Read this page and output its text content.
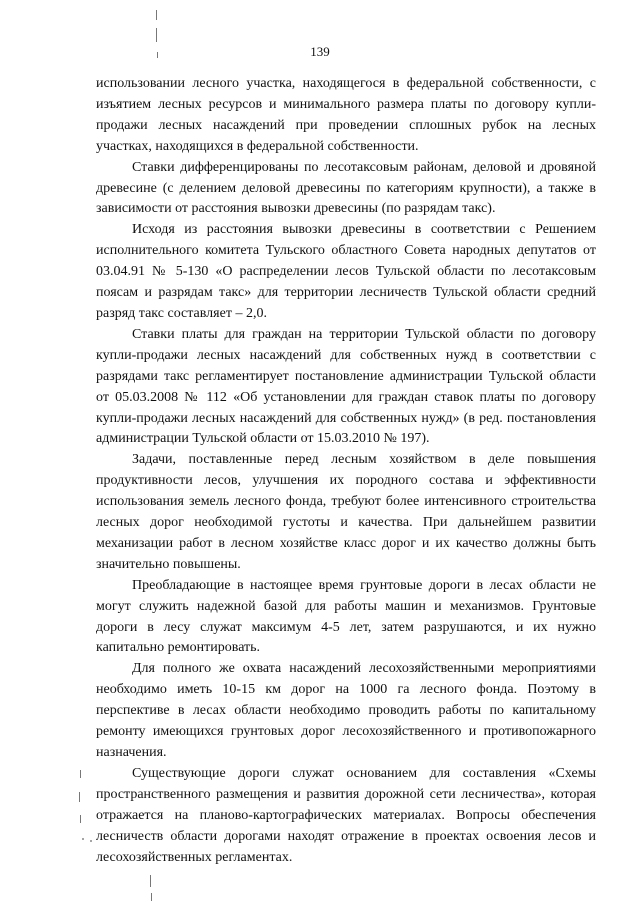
139

использовании лесного участка, находящегося в федеральной собственности, с изъятием лесных ресурсов и минимального размера платы по договору купли-продажи лесных насаждений при проведении сплошных рубок на лесных участках, находящихся в федеральной собственности.

Ставки дифференцированы по лесотаксовым районам, деловой и дровяной древесине (с делением деловой древесины по категориям крупности), а также в зависимости от расстояния вывозки древесины (по разрядам такс).

Исходя из расстояния вывозки древесины в соответствии с Решением исполнительного комитета Тульского областного Совета народных депутатов от 03.04.91 № 5-130 «О распределении лесов Тульской области по лесотаксовым поясам и разрядам такс» для территории лесничеств Тульской области средний разряд такс составляет – 2,0.

Ставки платы для граждан на территории Тульской области по договору купли-продажи лесных насаждений для собственных нужд в соответствии с разрядами такс регламентирует постановление администрации Тульской области от 05.03.2008 № 112 «Об установлении для граждан ставок платы по договору купли-продажи лесных насаждений для собственных нужд» (в ред. постановления администрации Тульской области от 15.03.2010 № 197).

Задачи, поставленные перед лесным хозяйством в деле повышения продуктивности лесов, улучшения их породного состава и эффективности использования земель лесного фонда, требуют более интенсивного строительства лесных дорог необходимой густоты и качества. При дальнейшем развитии механизации работ в лесном хозяйстве класс дорог и их качество должны быть значительно повышены.

Преобладающие в настоящее время грунтовые дороги в лесах области не могут служить надежной базой для работы машин и механизмов. Грунтовые дороги в лесу служат максимум 4-5 лет, затем разрушаются, и их нужно капитально ремонтировать.

Для полного же охвата насаждений лесохозяйственными мероприятиями необходимо иметь 10-15 км дорог на 1000 га лесного фонда. Поэтому в перспективе в лесах области необходимо проводить работы по капитальному ремонту имеющихся грунтовых дорог лесохозяйственного и противопожарного назначения.

Существующие дороги служат основанием для составления «Схемы пространственного размещения и развития дорожной сети лесничества», которая отражается на планово-картографических материалах. Вопросы обеспечения лесничеств области дорогами находят отражение в проектах освоения лесов и лесохозяйственных регламентах.
